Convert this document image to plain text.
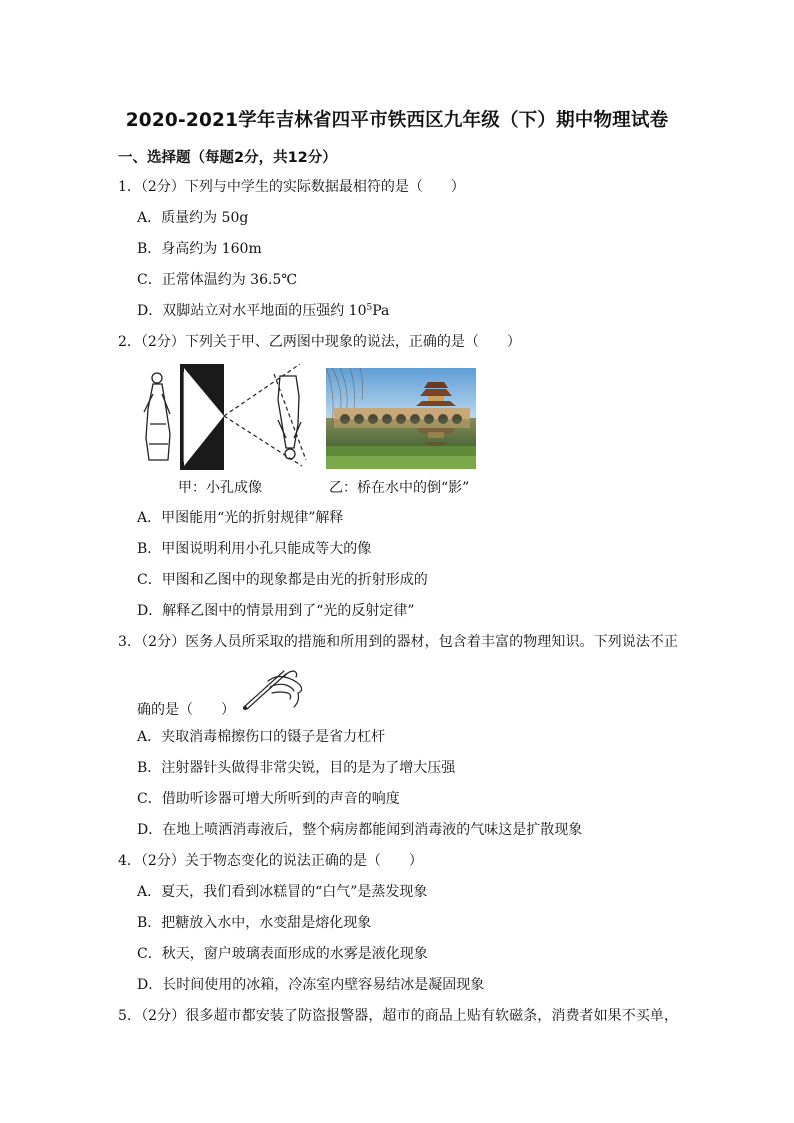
2020-2021学年吉林省四平市铁西区九年级（下）期中物理试卷
一、选择题（每题2分，共12分）
1．（2分）下列与中学生的实际数据最相符的是（　　）
A．质量约为 50g
B．身高约为 160m
C．正常体温约为 36.5℃
D．双脚站立对水平地面的压强约 $10^5Pa$
2．（2分）下列关于甲、乙两图中现象的说法，正确的是（　　）
甲：小孔成像	乙：桥在水中的倒“影”
A．甲图能用“光的折射规律”解释
B．甲图说明利用小孔只能成等大的像
C．甲图和乙图中的现象都是由光的折射形成的
D．解释乙图中的情景用到了“光的反射定律”
3．（2分）医务人员所采取的措施和所用到的器材，包含着丰富的物理知识。下列说法不正
确的是（　　）
A．夹取消毒棉擦伤口的镊子是省力杠杆
B．注射器针头做得非常尖锐，目的是为了增大压强
C．借助听诊器可增大所听到的声音的响度
D．在地上喷洒消毒液后，整个病房都能闻到消毒液的气味这是扩散现象
4．（2分）关于物态变化的说法正确的是（　　）
A．夏天，我们看到冰糕冒的“白气”是蒸发现象
B．把糖放入水中，水变甜是熔化现象
C．秋天，窗户玻璃表面形成的水雾是液化现象
D．长时间使用的冰箱，冷冻室内壁容易结冰是凝固现象
5．（2分）很多超市都安装了防盗报警器，超市的商品上贴有软磁条，消费者如果不买单，
